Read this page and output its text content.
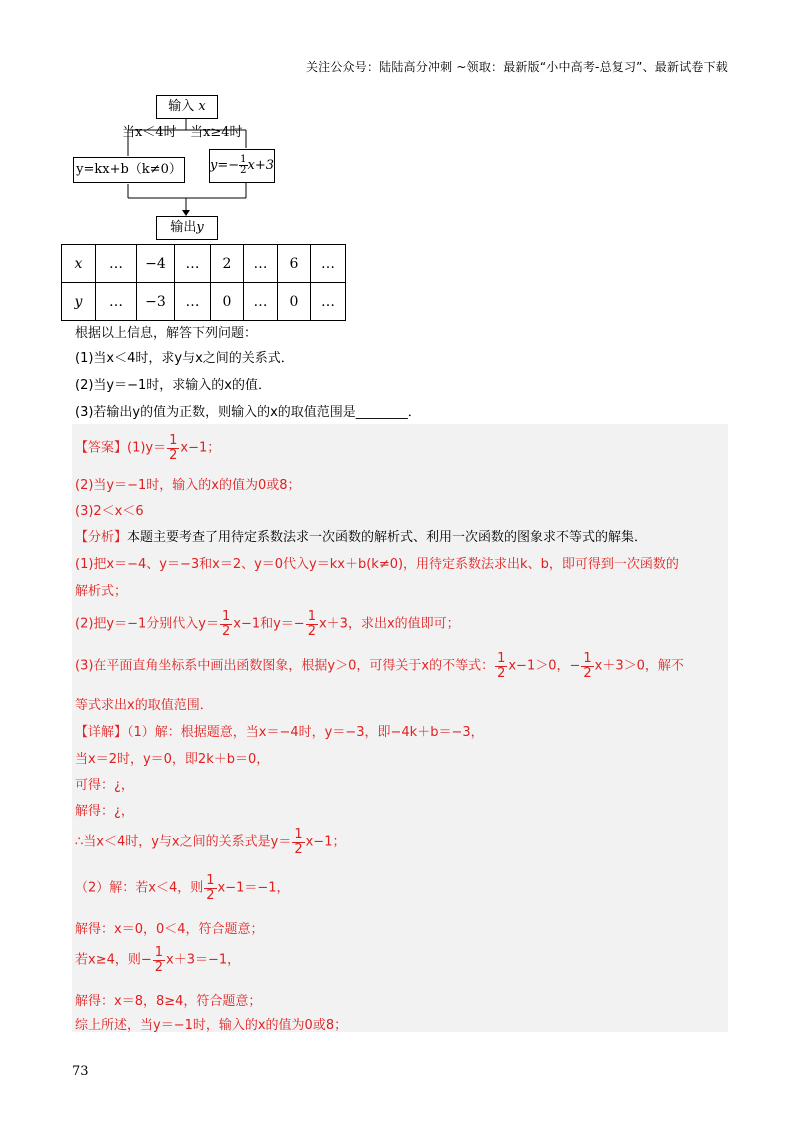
关注公众号：陆陆高分冲刺 ~领取：最新版“小中高考-总复习”、最新试卷下载
输入 x
当x＜4时 当x≥4时
y=kx+b（k≠0） $y=- \frac{1}{2} x+3$
输出y
x	…	−4	…	2	…	6	…
y	…	−3	…	0	…	0	…
根据以上信息，解答下列问题：
(1)当x＜4时，求y与x之间的关系式．
(2)当y＝−1时，求输入的x的值．
(3)若输出y的值为正数，则输入的x的取值范围是________．
【答案】$(1)y= \frac{1}{2} x-1$；
(2)当y＝−1时，输入的x的值为0或8；
(3)2＜x＜6
【分析】本题主要考查了用待定系数法求一次函数的解析式、利用一次函数的图象求不等式的解集．
(1)把x＝−4、y＝−3和x＝2、y＝0代入y＝kx＋b(k≠0)，用待定系数法求出k、b，即可得到一次函数的
解析式；
(2)把y＝−1分别代入$y= \frac{1}{2} x-1$和$y=- \frac{1}{2} x+3$，求出x的值即可；
(3)在平面直角坐标系中画出函数图象，根据y＞0，可得关于x的不等式： $\frac{1}{2} x-1>0$，− $\frac{1}{2} x+3>0$，解不
等式求出x的取值范围．
【详解】（1）解：根据题意，当x＝−4时，y＝−3，即−4k＋b＝−3，
当x＝2时，y＝0，即2k＋b＝0，
可得：¿，
解得：¿，
∴当x＜4时，y与x之间的关系式是$y= \frac{1}{2} x-1$；
（2）解：若x＜4，则 $\frac{1}{2} x-1=-1$，
解得：x＝0，0＜4，符合题意；
若x≥4，则− $\frac{1}{2} x+3=-1$，
解得：x＝8，8≥4，符合题意；
综上所述，当y＝−1时，输入的x的值为0或8；
73
